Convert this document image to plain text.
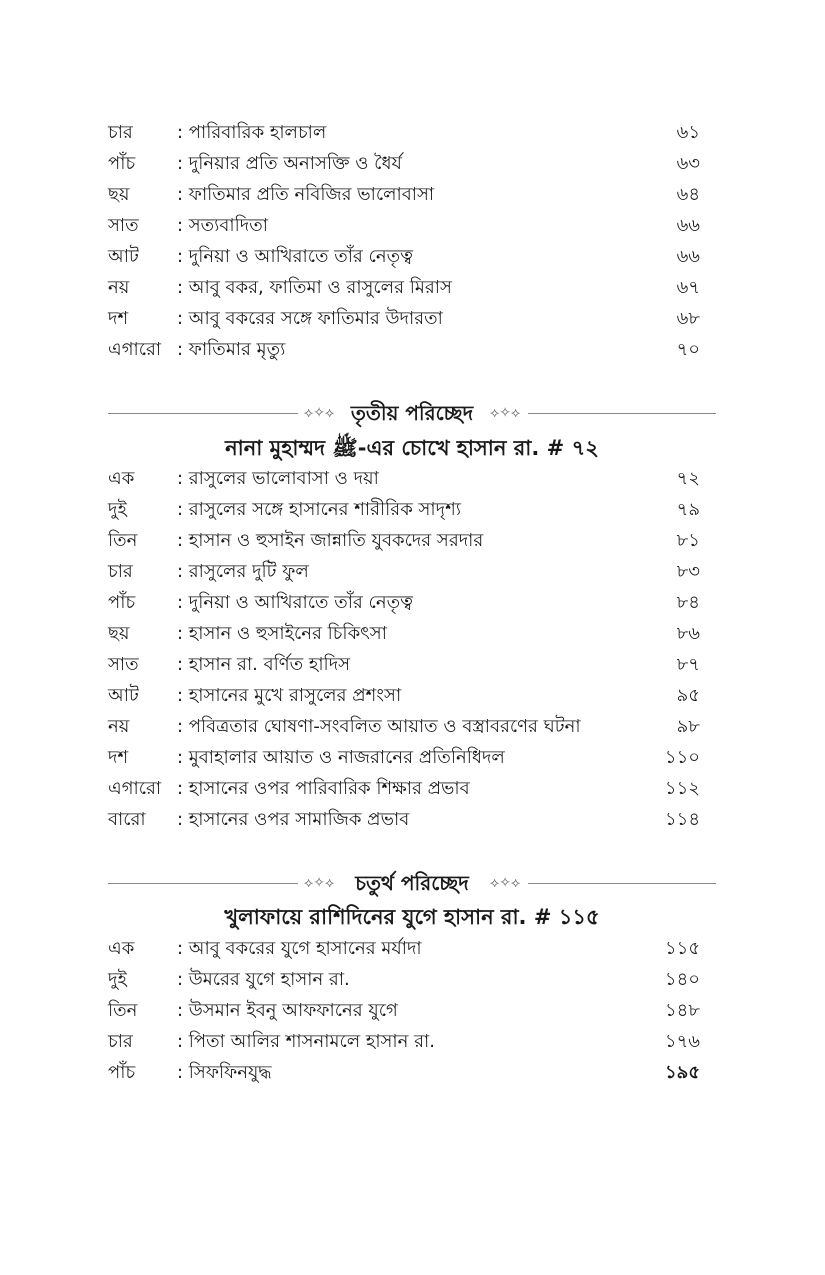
চার : পারিবারিক হালচাল	৬১
পাঁচ : দুনিয়ার প্রতি অনাসক্তি ও ধৈর্য	৬৩
ছয়	: ফাতিমার প্রতি নবিজির ভালোবাসা	৬৪
সাত : সত্যবাদিতা	৬৬
আট : দুনিয়া ও আখিরাতে তাঁর নেতৃত্ব	৬৬
নয়	: আবু বকর, ফাতিমা ও রাসুলের মিরাস	৬৭
দশ	: আবু বকরের সঙ্গে ফাতিমার উদারতা	৬৮
এগারো : ফাতিমার মৃত্যু	৭০
⟡✧⟡ তৃতীয় পরিচ্ছেদ	⟡✧⟡
নানা মুহাম্মদ ﷺ-এর চোখে হাসান রা. # ৭২
এক : রাসুলের ভালোবাসা ও দয়া	৭২
দুই	: রাসুলের সঙ্গে হাসানের শারীরিক সাদৃশ্য	৭৯
তিন : হাসান ও হুসাইন জান্নাতি যুবকদের সরদার	৮১
চার : রাসুলের দুটি ফুল	৮৩
পাঁচ : দুনিয়া ও আখিরাতে তাঁর নেতৃত্ব	৮৪
ছয়	: হাসান ও হুসাইনের চিকিৎসা	৮৬
সাত : হাসান রা. বর্ণিত হাদিস	৮৭
আট : হাসানের মুখে রাসুলের প্রশংসা	৯৫
নয়	: পবিত্রতার ঘোষণা-সংবলিত আয়াত ও বস্ত্রাবরণের ঘটনা	৯৮
দশ	: মুবাহালার আয়াত ও নাজরানের প্রতিনিধিদল	১১০
এগারো : হাসানের ওপর পারিবারিক শিক্ষার প্রভাব	১১২
বারো : হাসানের ওপর সামাজিক প্রভাব	১১৪
⟡✧⟡	চতুর্থ পরিচ্ছেদ	⟡✧⟡
খুলাফায়ে রাশিদিনের যুগে হাসান রা. # ১১৫
এক : আবু বকরের যুগে হাসানের মর্যাদা	১১৫
দুই	: উমরের যুগে হাসান রা.	১৪০
তিন : উসমান ইবনু আফফানের যুগে	১৪৮
চার : পিতা আলির শাসনামলে হাসান রা.	১৭৬
পাঁচ : সিফফিনযুদ্ধ	১৯৫
